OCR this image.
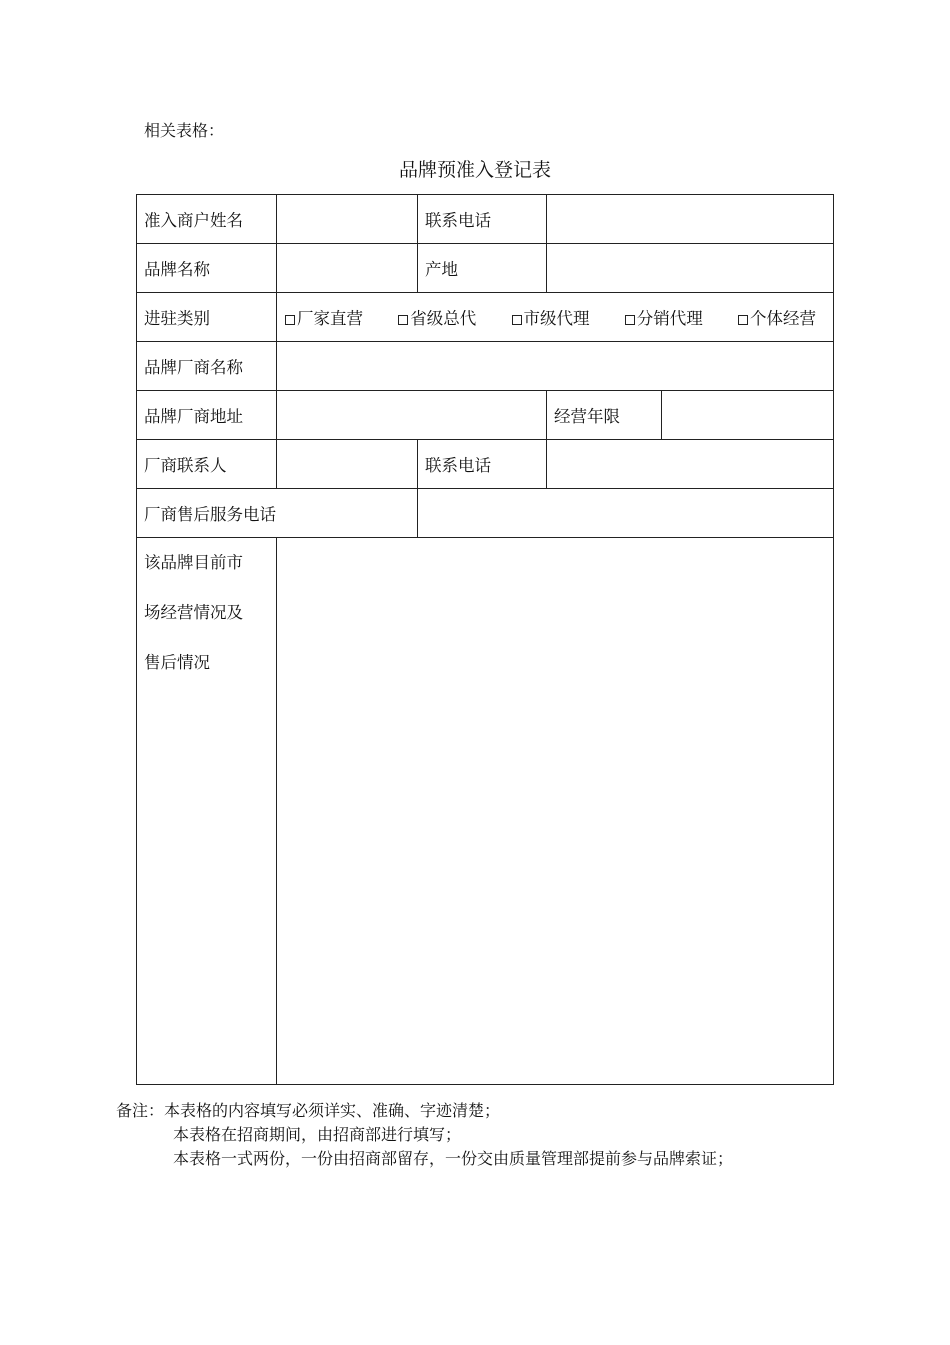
相关表格：
品牌预准入登记表
准入商户姓名		联系电话		
品牌名称		产地		
进驻类别	厂家直营 省级总代 市级代理 分销代理 个体经营			
品牌厂商名称				
品牌厂商地址			经营年限	
厂商联系人		联系电话		
厂商售后服务电话				

该品牌目前市
场经营情况及
售后情况				

备注：本表格的内容填写必须详实、准确、字迹清楚；
本表格在招商期间，由招商部进行填写；
本表格一式两份，一份由招商部留存，一份交由质量管理部提前参与品牌索证；
